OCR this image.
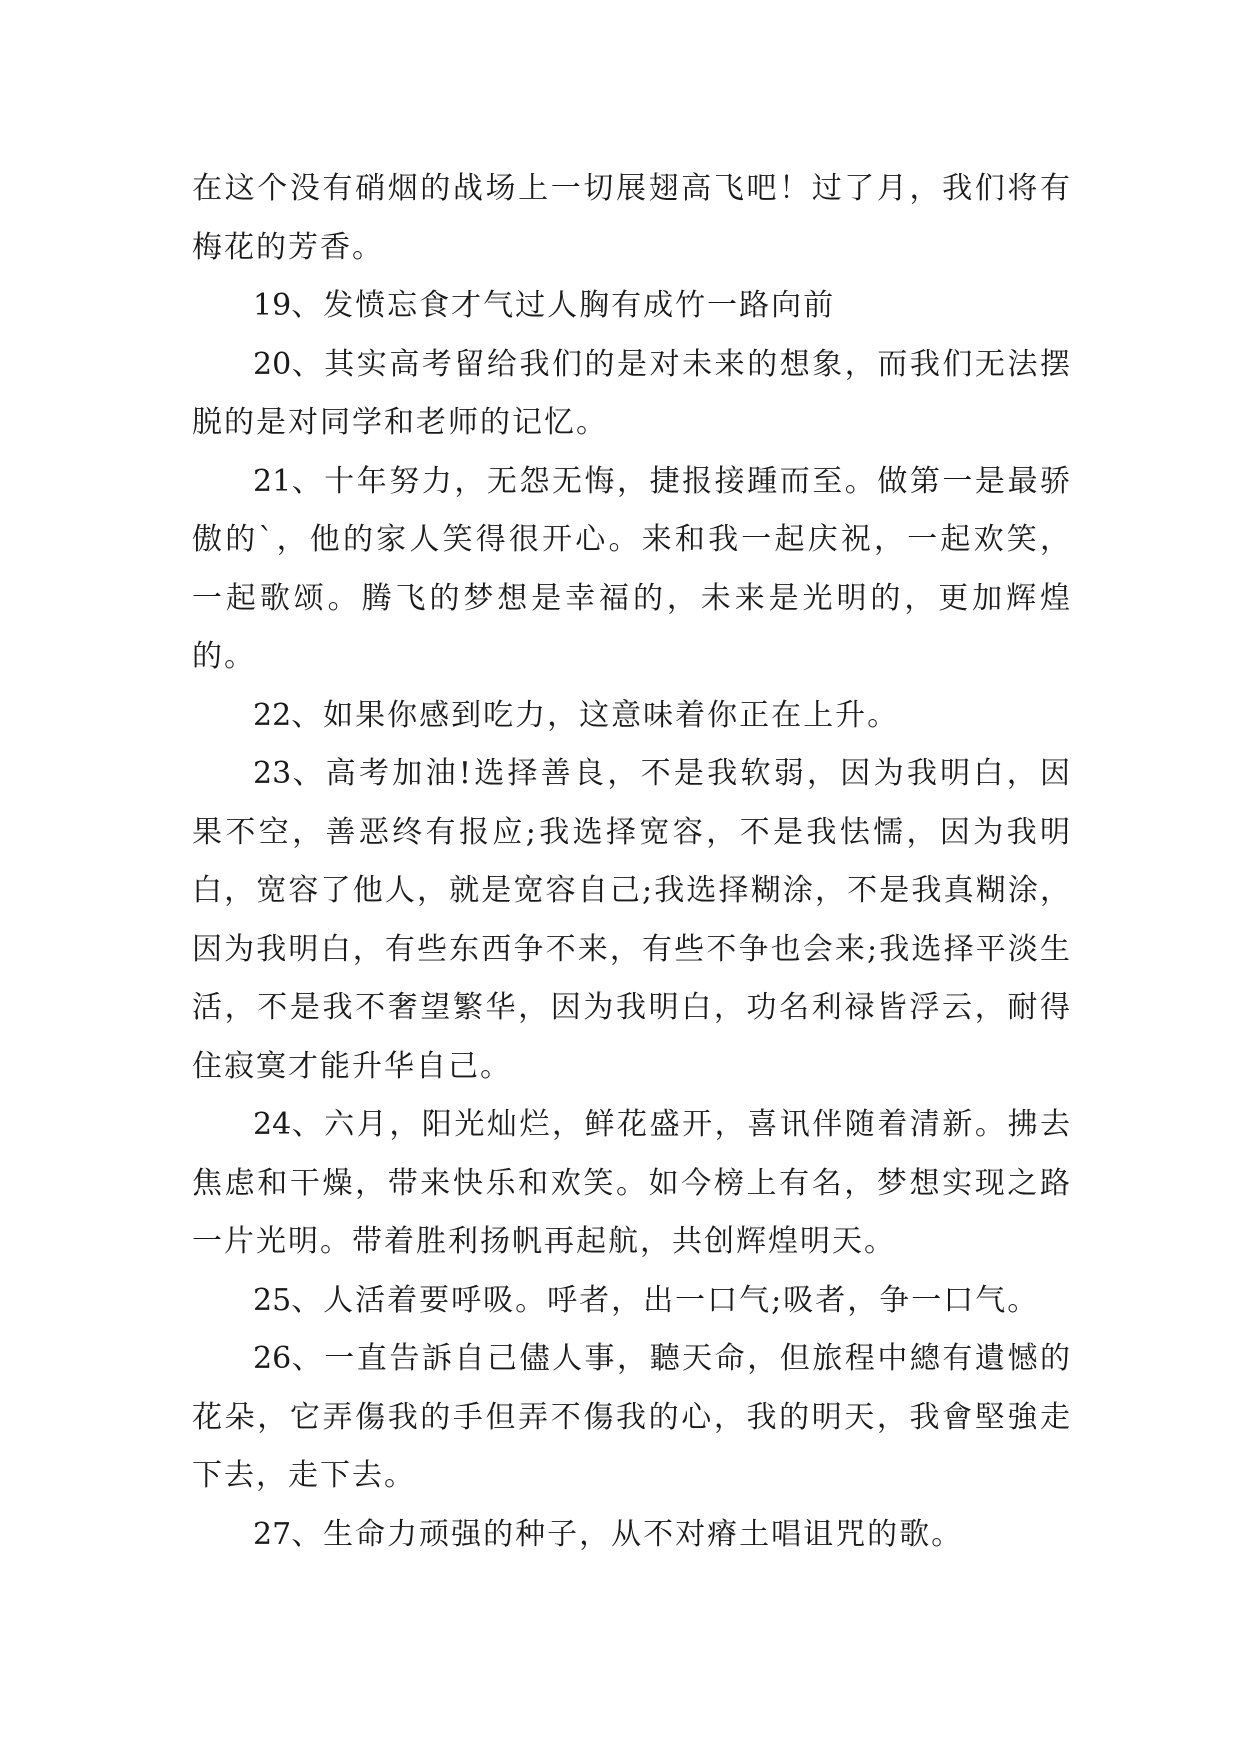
在这个没有硝烟的战场上一切展翅高飞吧！过了月，我们将有梅花的芳香。

19、发愤忘食才气过人胸有成竹一路向前

20、其实高考留给我们的是对未来的想象，而我们无法摆脱的是对同学和老师的记忆。

21、十年努力，无怨无悔，捷报接踵而至。做第一是最骄傲的`，他的家人笑得很开心。来和我一起庆祝，一起欢笑，一起歌颂。腾飞的梦想是幸福的，未来是光明的，更加辉煌的。

22、如果你感到吃力，这意味着你正在上升。

23、高考加油!选择善良，不是我软弱，因为我明白，因果不空，善恶终有报应;我选择宽容，不是我怯懦，因为我明白，宽容了他人，就是宽容自己;我选择糊涂，不是我真糊涂，因为我明白，有些东西争不来，有些不争也会来;我选择平淡生活，不是我不奢望繁华，因为我明白，功名利禄皆浮云，耐得住寂寞才能升华自己。

24、六月，阳光灿烂，鲜花盛开，喜讯伴随着清新。拂去焦虑和干燥，带来快乐和欢笑。如今榜上有名，梦想实现之路一片光明。带着胜利扬帆再起航，共创辉煌明天。

25、人活着要呼吸。呼者，出一口气;吸者，争一口气。

26、一直告訴自己儘人事，聽天命，但旅程中總有遺憾的花朵，它弄傷我的手但弄不傷我的心，我的明天，我會堅強走下去，走下去。

27、生命力顽强的种子，从不对瘠土唱诅咒的歌。
